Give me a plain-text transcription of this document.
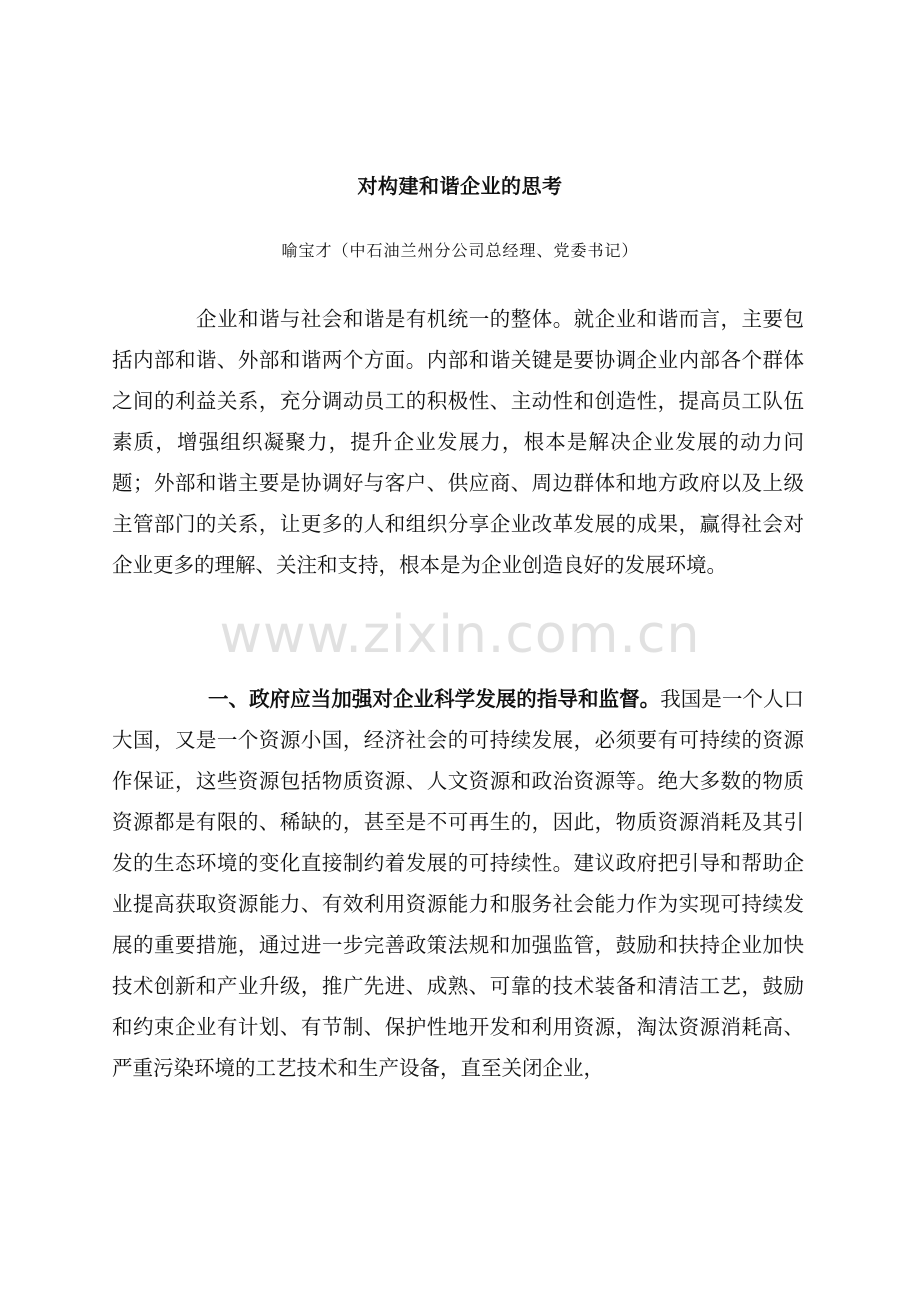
对构建和谐企业的思考
喻宝才（中石油兰州分公司总经理、党委书记）

企业和谐与社会和谐是有机统一的整体。就企业和谐而言，主要包括内部和谐、外部和谐两个方面。内部和谐关键是要协调企业内部各个群体之间的利益关系，充分调动员工的积极性、主动性和创造性，提高员工队伍素质，增强组织凝聚力，提升企业发展力，根本是解决企业发展的动力问题；外部和谐主要是协调好与客户、供应商、周边群体和地方政府以及上级主管部门的关系，让更多的人和组织分享企业改革发展的成果，赢得社会对企业更多的理解、关注和支持，根本是为企业创造良好的发展环境。

一、政府应当加强对企业科学发展的指导和监督。我国是一个人口大国，又是一个资源小国，经济社会的可持续发展，必须要有可持续的资源作保证，这些资源包括物质资源、人文资源和政治资源等。绝大多数的物质资源都是有限的、稀缺的，甚至是不可再生的，因此，物质资源消耗及其引发的生态环境的变化直接制约着发展的可持续性。建议政府把引导和帮助企业提高获取资源能力、有效利用资源能力和服务社会能力作为实现可持续发展的重要措施，通过进一步完善政策法规和加强监管，鼓励和扶持企业加快技术创新和产业升级，推广先进、成熟、可靠的技术装备和清洁工艺，鼓励和约束企业有计划、有节制、保护性地开发和利用资源，淘汰资源消耗高、严重污染环境的工艺技术和生产设备，直至关闭企业，

www.zixin.com.cn
